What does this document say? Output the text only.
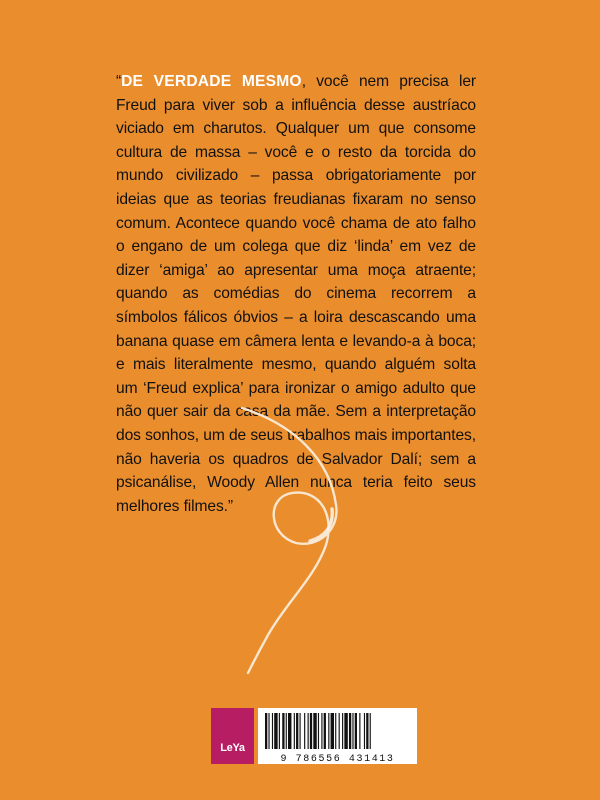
“DE VERDADE MESMO, você nem precisa ler Freud para viver sob a influência desse austríaco viciado em charutos. Qualquer um que consome cultura de massa – você e o resto da torcida do mundo civilizado – passa obrigatoriamente por ideias que as teorias freudianas fixaram no senso comum. Acontece quando você chama de ato falho o engano de um colega que diz ‘linda’ em vez de dizer ‘amiga’ ao apresentar uma moça atraente; quando as comédias do cinema recorrem a símbolos fálicos óbvios – a loira descascando uma banana quase em câmera lenta e levando-a à boca; e mais literalmente mesmo, quando alguém solta um ‘Freud explica’ para ironizar o amigo adulto que não quer sair da casa da mãe. Sem a interpretação dos sonhos, um de seus trabalhos mais importantes, não haveria os quadros de Salvador Dalí; sem a psicanálise, Woody Allen nunca teria feito seus melhores filmes.”

LeYa
9 786556 431413
